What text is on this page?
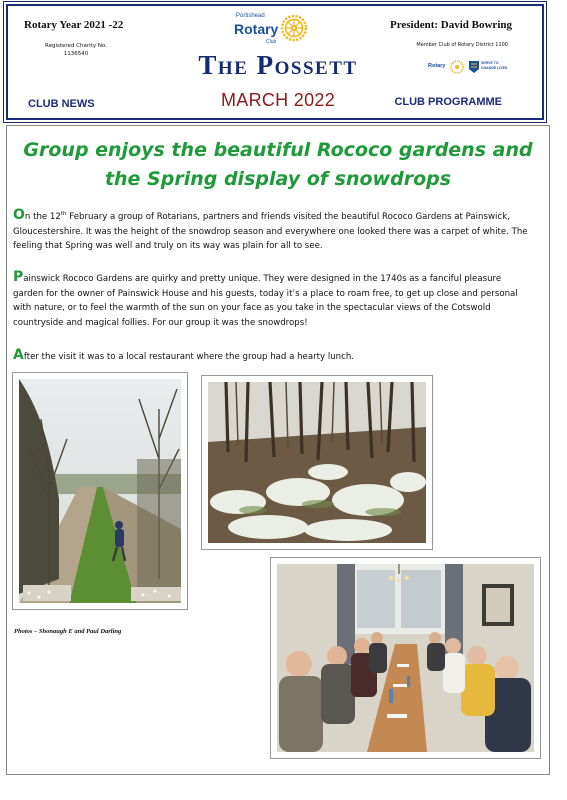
Rotary Year 2021 -22
Registered Charity No.
1136540
Portishead
Rotary
Club
The Possett
MARCH 2022
President: David Bowring
Member Club of Rotary District 1100
Rotary	SERVE TO
CHANGE LIVES
CLUB NEWS	CLUB PROGRAMME
Group enjoys the beautiful Rococo gardens and
the Spring display of snowdrops

On the 12th February a group of Rotarians, partners and friends visited the beautiful Rococo Gardens at Painswick, Gloucestershire. It was the height of the snowdrop season and everywhere one looked there was a carpet of white. The feeling that Spring was well and truly on its way was plain for all to see.

Painswick Rococo Gardens are quirky and pretty unique. They were designed in the 1740s as a fanciful pleasure garden for the owner of Painswick House and his guests, today it’s a place to roam free, to get up close and personal with nature, or to feel the warmth of the sun on your face as you take in the spectacular views of the Cotswold countryside and magical follies. For our group it was the snowdrops!

After the visit it was to a local restaurant where the group had a hearty lunch.

Photos – Shonaugh E and Paul Darling
